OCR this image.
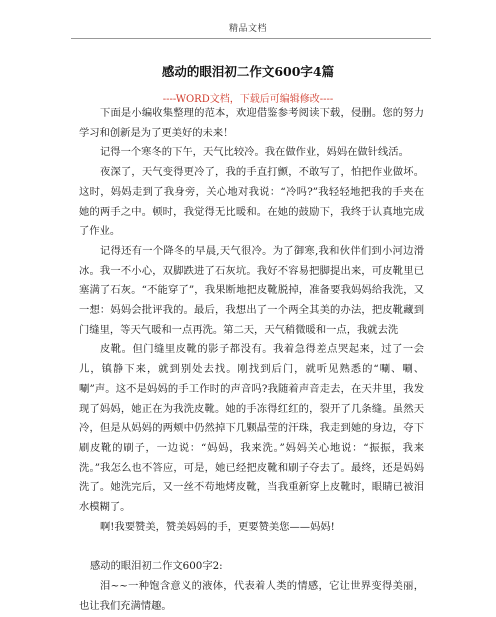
精品文档
感动的眼泪初二作文600字4篇
----WORD文档，下载后可编辑修改----

下面是小编收集整理的范本，欢迎借鉴参考阅读下载，侵删。您的努力学习和创新是为了更美好的未来！

记得一个寒冬的下午，天气比较冷。我在做作业，妈妈在做针线活。

夜深了，天气变得更冷了，我的手直打颤，不敢写了，怕把作业做坏。这时，妈妈走到了我身旁，关心地对我说：“冷吗?”我轻轻地把我的手夹在她的两手之中。顿时，我觉得无比暖和。在她的鼓励下，我终于认真地完成了作业。

记得还有一个降冬的早晨,天气很冷。为了御寒,我和伙伴们到小河边滑冰。我一不小心，双脚跌进了石灰坑。我好不容易把脚提出来，可皮靴里已塞满了石灰。“不能穿了”，我果断地把皮靴脱掉，准备要我妈妈给我洗，又一想：妈妈会批评我的。最后，我想出了一个两全其美的办法，把皮靴藏到门缝里，等天气暖和一点再洗。第二天，天气稍微暖和一点，我就去洗

皮靴。但门缝里皮靴的影子都没有。我着急得差点哭起来，过了一会儿，镇静下来，就到别处去找。刚找到后门，就听见熟悉的“唰、唰、唰”声。这不是妈妈的手工作时的声音吗?我随着声音走去，在天井里，我发现了妈妈，她正在为我洗皮靴。她的手冻得红红的，裂开了几条缝。虽然天冷，但是从妈妈的两颊中仍然掉下几颗晶莹的汗珠，我走到她的身边，夺下刷皮靴的刷子，一边说：“妈妈，我来洗。”妈妈关心地说：“振振，我来洗。”我怎么也不答应，可是，她已经把皮靴和刷子夺去了。最终，还是妈妈洗了。她洗完后，又一丝不苟地烤皮靴，当我重新穿上皮靴时，眼睛已被泪水模糊了。

啊!我要赞美，赞美妈妈的手，更要赞美您——妈妈!

感动的眼泪初二作文600字2:

泪~~一种饱含意义的液体，代表着人类的情感，它让世界变得美丽，也让我们充满情趣。
